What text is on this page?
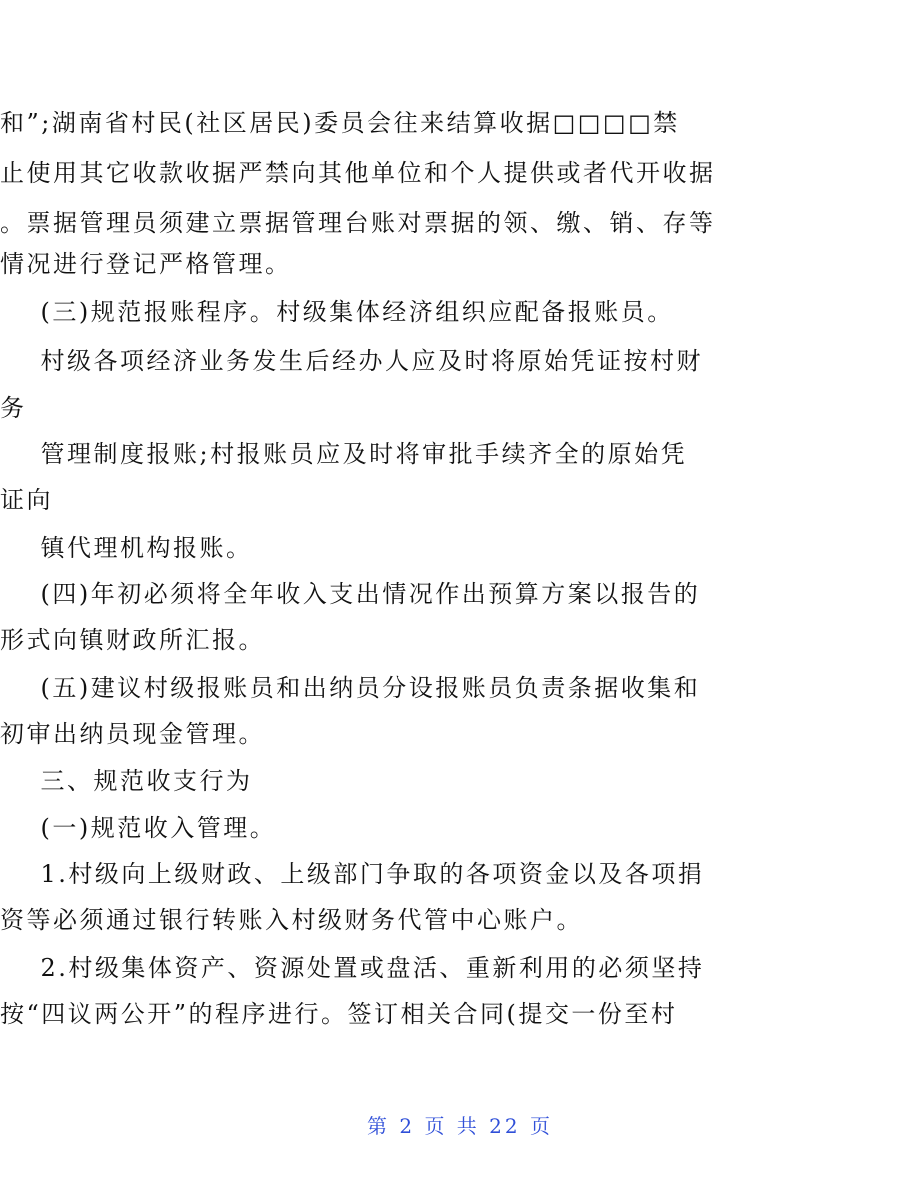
和”;湖南省村民(社区居民)委员会往来结算收据□□□□禁
止使用其它收款收据严禁向其他单位和个人提供或者代开收据
。票据管理员须建立票据管理台账对票据的领、缴、销、存等
情况进行登记严格管理。
(三)规范报账程序。村级集体经济组织应配备报账员。
村级各项经济业务发生后经办人应及时将原始凭证按村财
务
管理制度报账;村报账员应及时将审批手续齐全的原始凭
证向
镇代理机构报账。
(四)年初必须将全年收入支出情况作出预算方案以报告的
形式向镇财政所汇报。
(五)建议村级报账员和出纳员分设报账员负责条据收集和
初审出纳员现金管理。
三、规范收支行为
(一)规范收入管理。
1.村级向上级财政、上级部门争取的各项资金以及各项捐
资等必须通过银行转账入村级财务代管中心账户。
2.村级集体资产、资源处置或盘活、重新利用的必须坚持
按“四议两公开”的程序进行。签订相关合同(提交一份至村
第 2 页 共 22 页
